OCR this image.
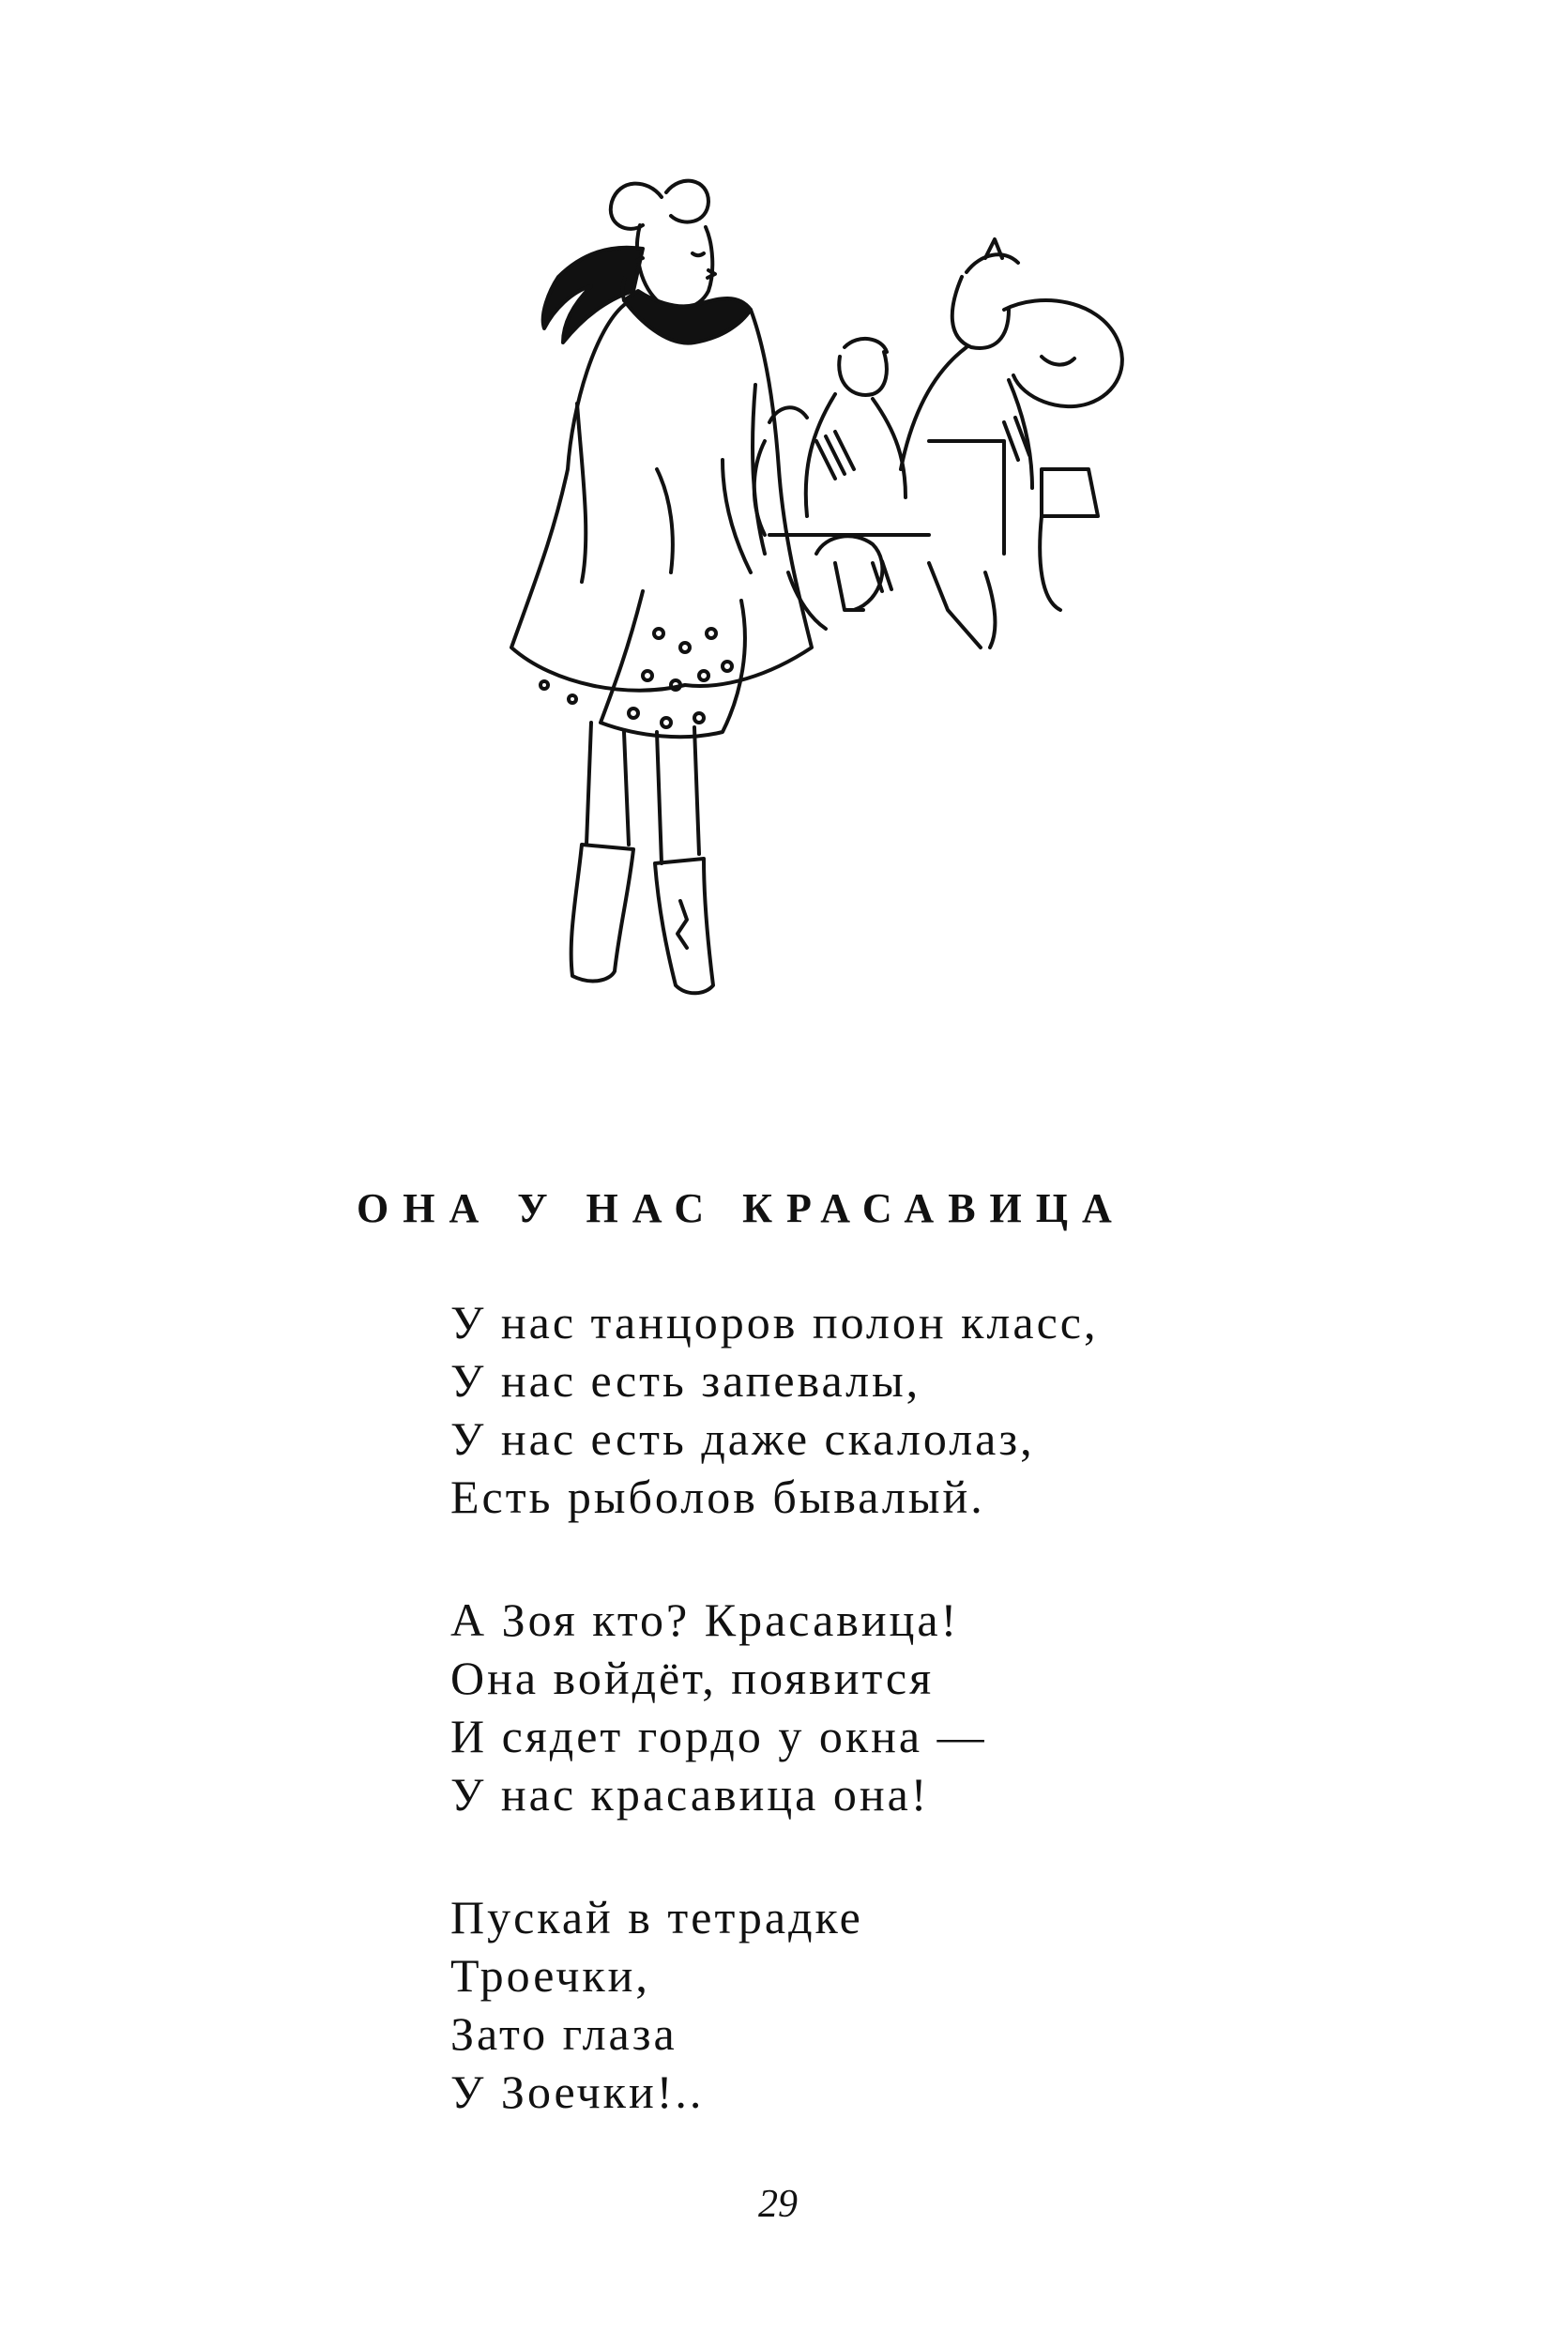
ОНА У НАС КРАСАВИЦА
У нас танцоров полон класс,
У нас есть запевалы,
У нас есть даже скалолаз,
Есть рыболов бывалый.
А Зоя кто? Красавица!
Она войдёт, появится
И сядет гордо у окна —
У нас красавица она!
Пускай в тетрадке
Троечки,
Зато глаза
У Зоечки!..
29
